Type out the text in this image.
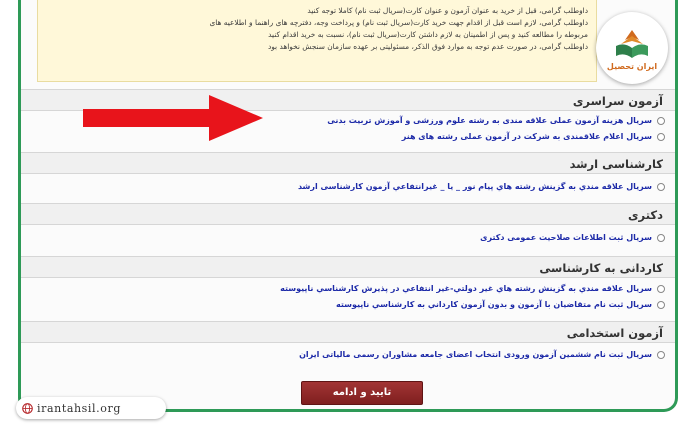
داوطلب گرامی، قبل از خرید به عنوان آزمون و عنوان کارت(سریال ثبت نام) کاملا توجه کنید

داوطلب گرامی، لازم است قبل از اقدام جهت خرید کارت(سریال ثبت نام) و پرداخت وجه، دفترچه های راهنما و اطلاعیه های

مربوطه را مطالعه کنید و پس از اطمینان به لازم داشتن کارت(سریال ثبت نام)، نسبت به خرید اقدام کنید

داوطلب گرامی، در صورت عدم توجه به موارد فوق الذکر، مسئولیتی بر عهده سازمان سنجش نخواهد بود

آزمون سراسری
سریال هزینه آزمون عملی علاقه مندی به رشته علوم ورزشی و آموزش تربیت بدنی
سریال اعلام علاقمندی به شرکت در آزمون عملی رشته های هنر
کارشناسی ارشد
سریال علاقه مندي به گزینش رشته هاي پیام نور _ یا _ غیرانتفاعي آزمون کارشناسی ارشد
دکتری
سریال ثبت اطلاعات صلاحیت عمومی دکتری
کاردانی به کارشناسی
سریال علاقه مندي به گزینش رشته هاي غیر دولتي-غیر انتفاعي در پذیرش کارشناسي ناپیوسته
سریال ثبت نام متقاضیان با آزمون و بدون آزمون کارداني به کارشناسي ناپیوسته
آزمون استخدامی
سریال ثبت نام ششمین آزمون ورودی انتخاب اعضای جامعه مشاوران رسمی مالیاتی ایران
تایید و ادامه
ایران تحصیل
irantahsil.org
